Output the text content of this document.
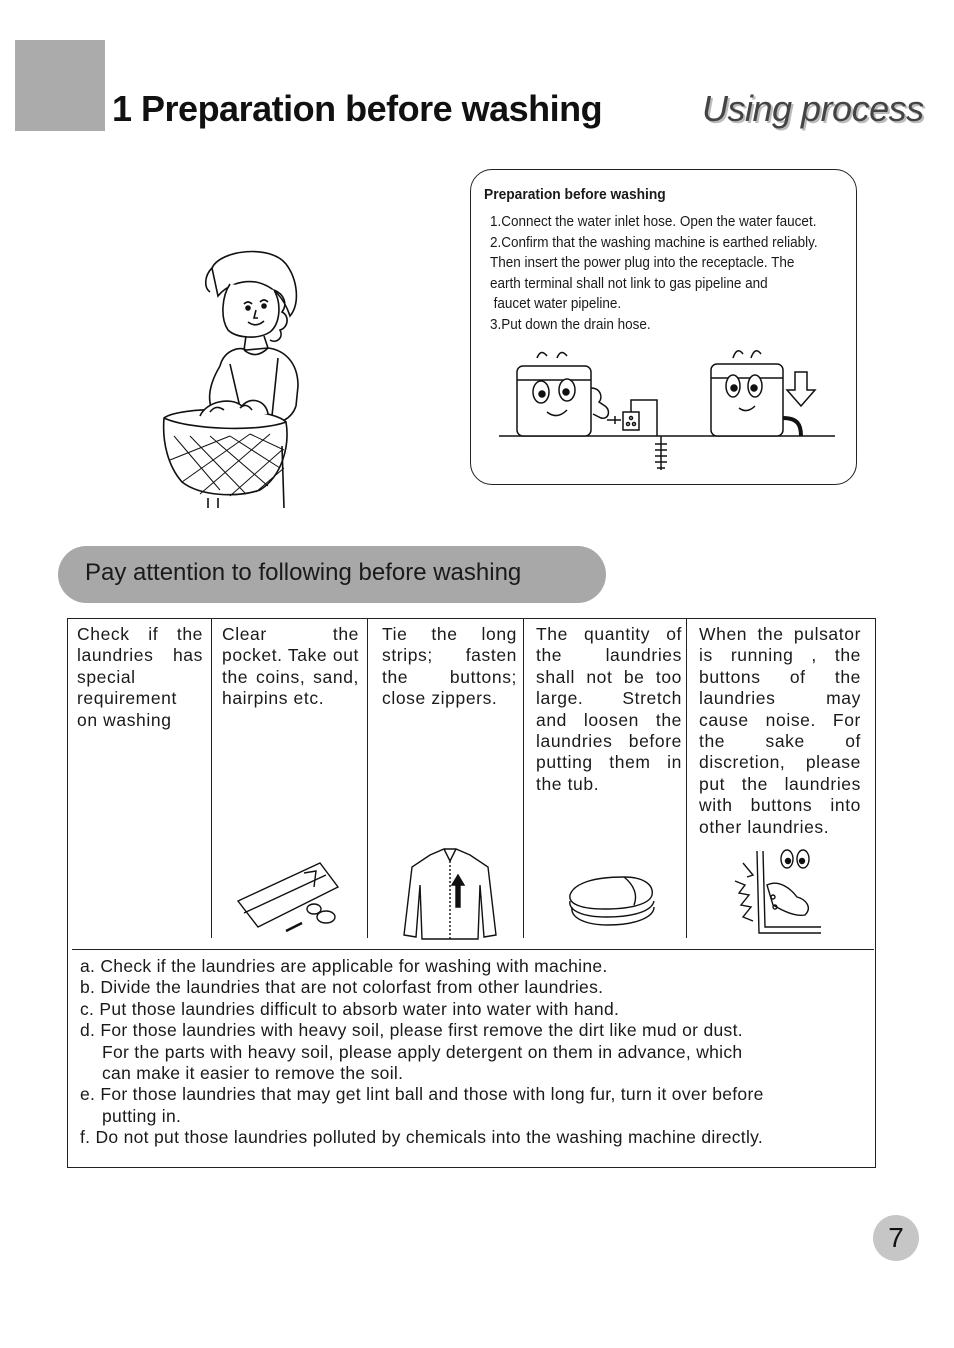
1 Preparation before washing	Using process
Preparation before washing
1.Connect the water inlet hose. Open the water faucet.
2.Confirm that the washing machine is earthed reliably.
Then insert the power plug into the receptacle. The
earth terminal shall not link to gas pipeline and
faucet water pipeline.
3.Put down the drain hose.
Pay attention to following before washing
Check if the laundries has special requirement on washing
Clear the pocket. Take out the coins, sand, hairpins etc.
Tie the long strips; fasten the buttons; close zippers.
The quantity of the laundries shall not be too large. Stretch and loosen the laundries before putting them in the tub.
When the pulsator is running , the buttons of the laundries may cause noise. For the sake of discretion, please put the laundries with buttons into other laundries.
a. Check if the laundries are applicable for washing with machine.
b. Divide the laundries that are not colorfast from other laundries.
c. Put those laundries difficult to absorb water into water with hand.
d. For those laundries with heavy soil, please first remove the dirt like mud or dust.
For the parts with heavy soil, please apply detergent on them in advance, which
can make it easier to remove the soil.
e. For those laundries that may get lint ball and those with long fur, turn it over before
putting in.
f. Do not put those laundries polluted by chemicals into the washing machine directly.
7
